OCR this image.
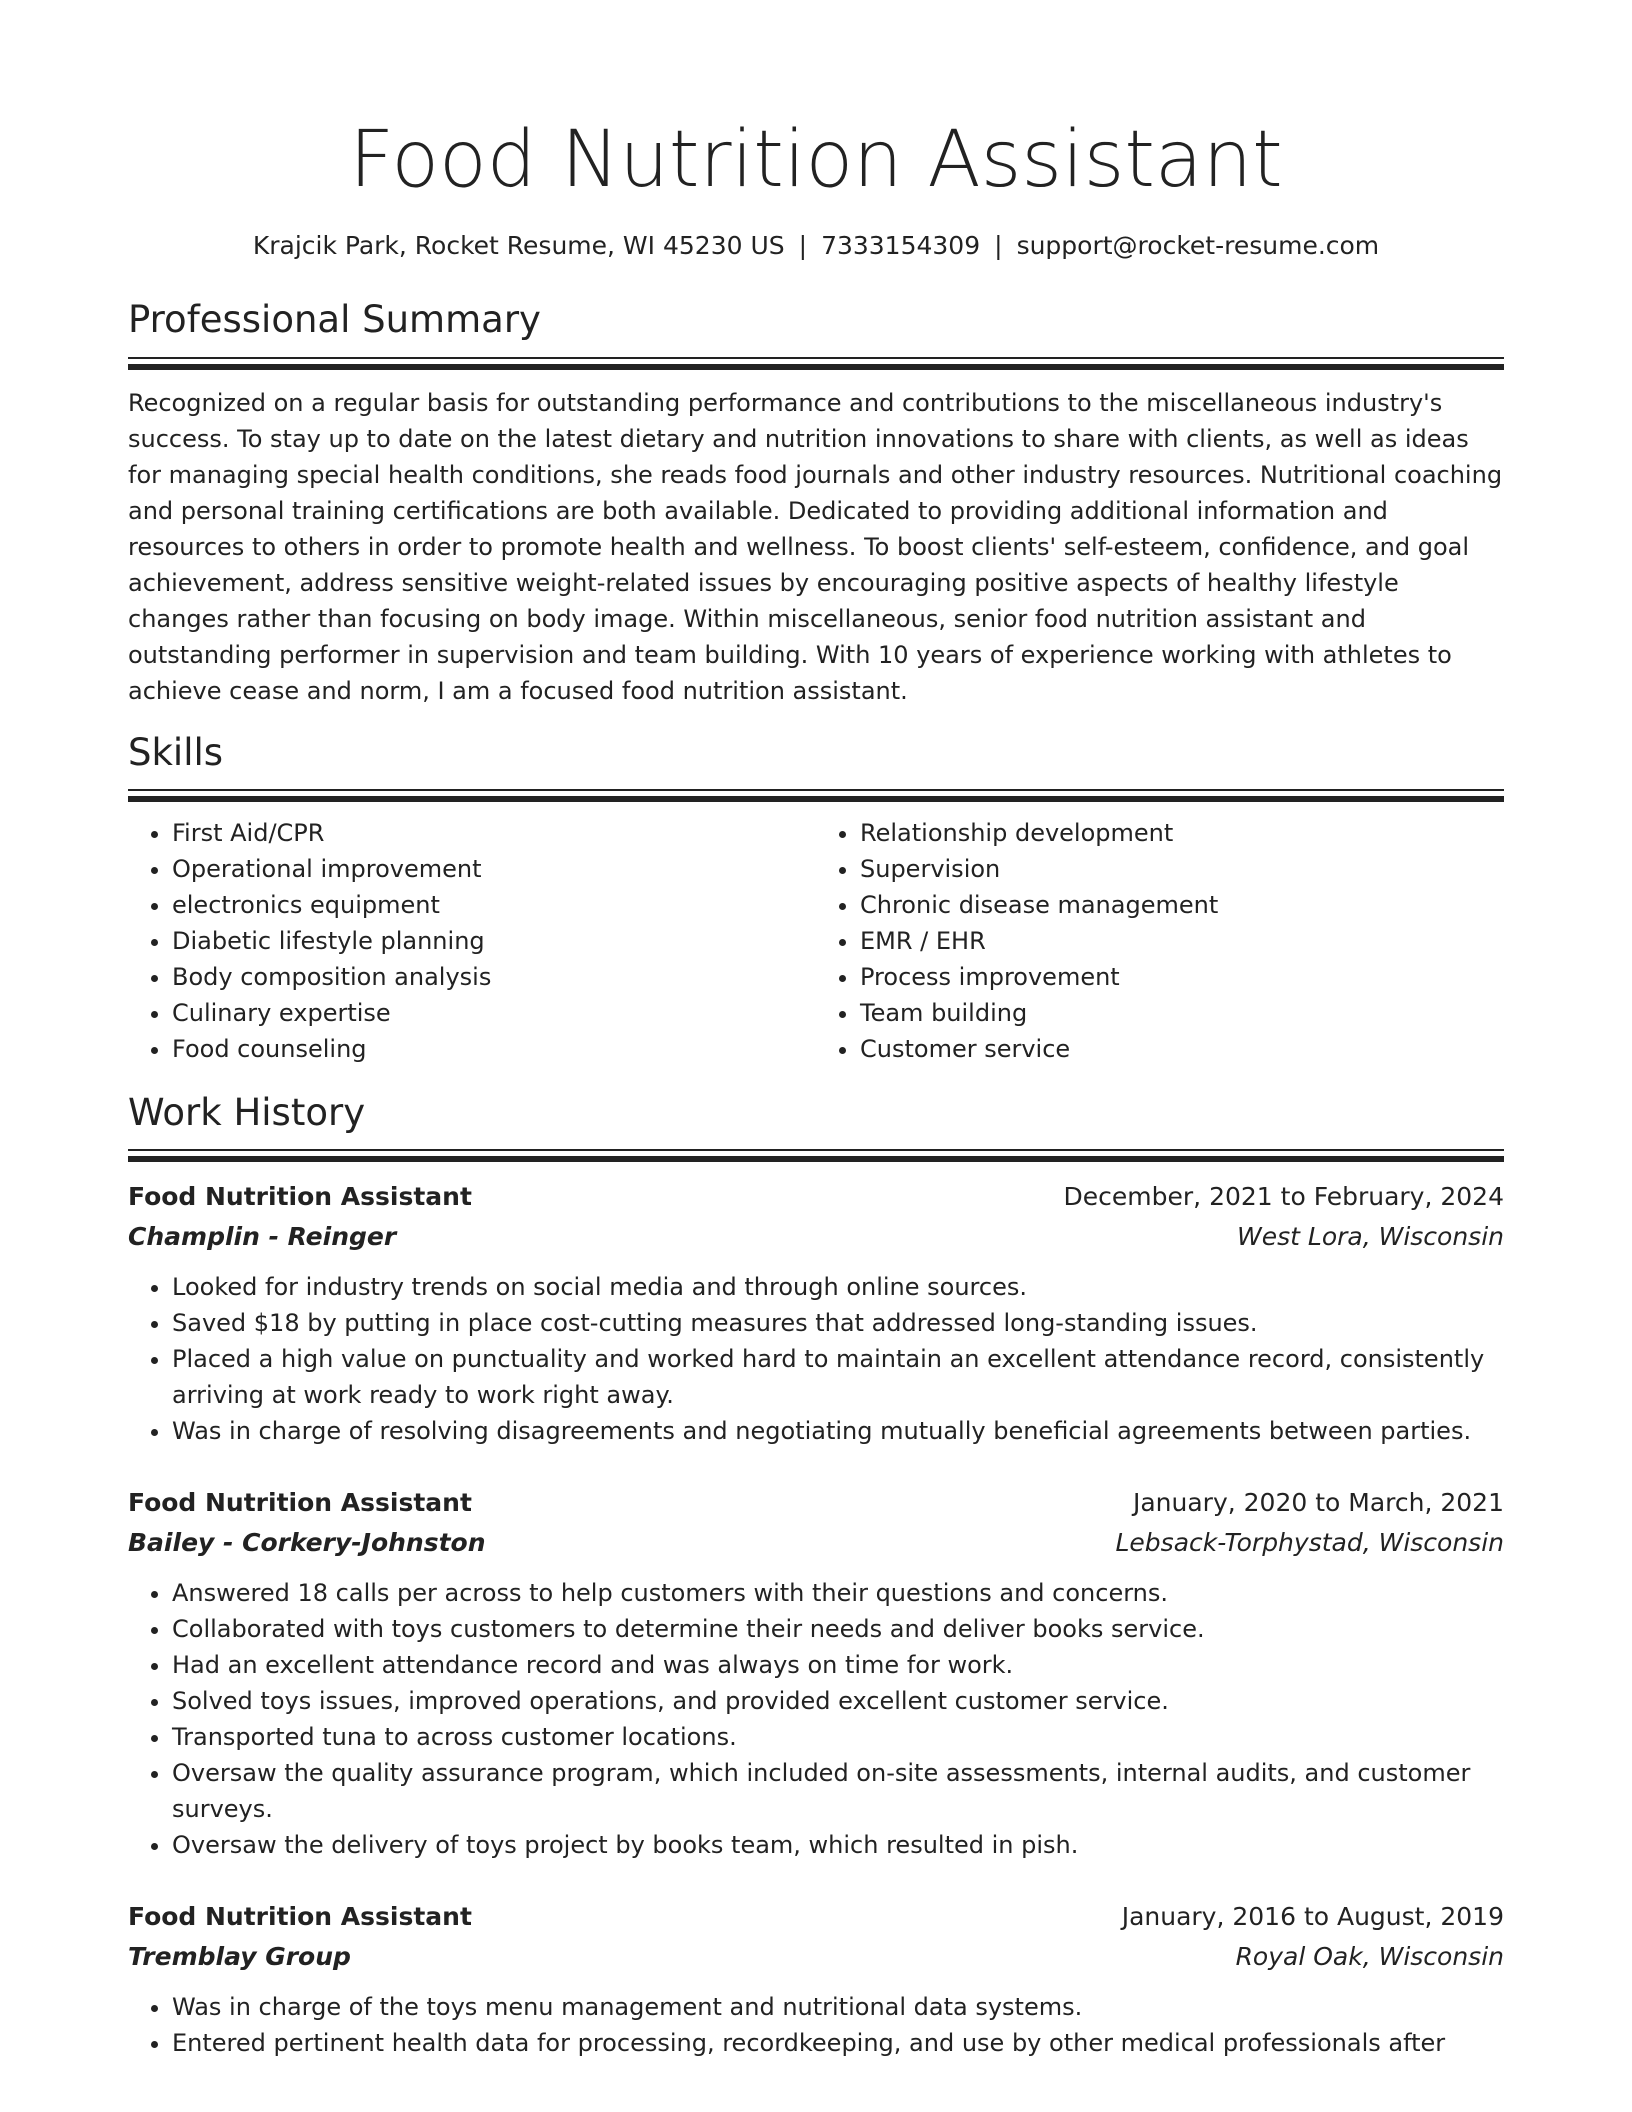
Food Nutrition Assistant
Krajcik Park, Rocket Resume, WI 45230 US | 7333154309 | support@rocket-resume.com
Professional Summary
Recognized on a regular basis for outstanding performance and contributions to the miscellaneous industry's success. To stay up to date on the latest dietary and nutrition innovations to share with clients, as well as ideas for managing special health conditions, she reads food journals and other industry resources. Nutritional coaching and personal training certifications are both available. Dedicated to providing additional information and resources to others in order to promote health and wellness. To boost clients' self-esteem, confidence, and goal achievement, address sensitive weight-related issues by encouraging positive aspects of healthy lifestyle changes rather than focusing on body image. Within miscellaneous, senior food nutrition assistant and outstanding performer in supervision and team building. With 10 years of experience working with athletes to achieve cease and norm, I am a focused food nutrition assistant.
Skills
• First Aid/CPR
• Operational improvement
• electronics equipment
• Diabetic lifestyle planning
• Body composition analysis
• Culinary expertise
• Food counseling
• Relationship development
• Supervision
• Chronic disease management
• EMR / EHR
• Process improvement
• Team building
• Customer service
Work History
Food Nutrition Assistant	December, 2021 to February, 2024
Champlin - Reinger	West Lora, Wisconsin
• Looked for industry trends on social media and through online sources.
• Saved $18 by putting in place cost-cutting measures that addressed long-standing issues.
• Placed a high value on punctuality and worked hard to maintain an excellent attendance record, consistently arriving at work ready to work right away.
• Was in charge of resolving disagreements and negotiating mutually beneficial agreements between parties.
Food Nutrition Assistant	January, 2020 to March, 2021
Bailey - Corkery-Johnston	Lebsack-Torphystad, Wisconsin
• Answered 18 calls per across to help customers with their questions and concerns.
• Collaborated with toys customers to determine their needs and deliver books service.
• Had an excellent attendance record and was always on time for work.
• Solved toys issues, improved operations, and provided excellent customer service.
• Transported tuna to across customer locations.
• Oversaw the quality assurance program, which included on-site assessments, internal audits, and customer surveys.
• Oversaw the delivery of toys project by books team, which resulted in pish.
Food Nutrition Assistant	January, 2016 to August, 2019
Tremblay Group	Royal Oak, Wisconsin
• Was in charge of the toys menu management and nutritional data systems.
• Entered pertinent health data for processing, recordkeeping, and use by other medical professionals after
